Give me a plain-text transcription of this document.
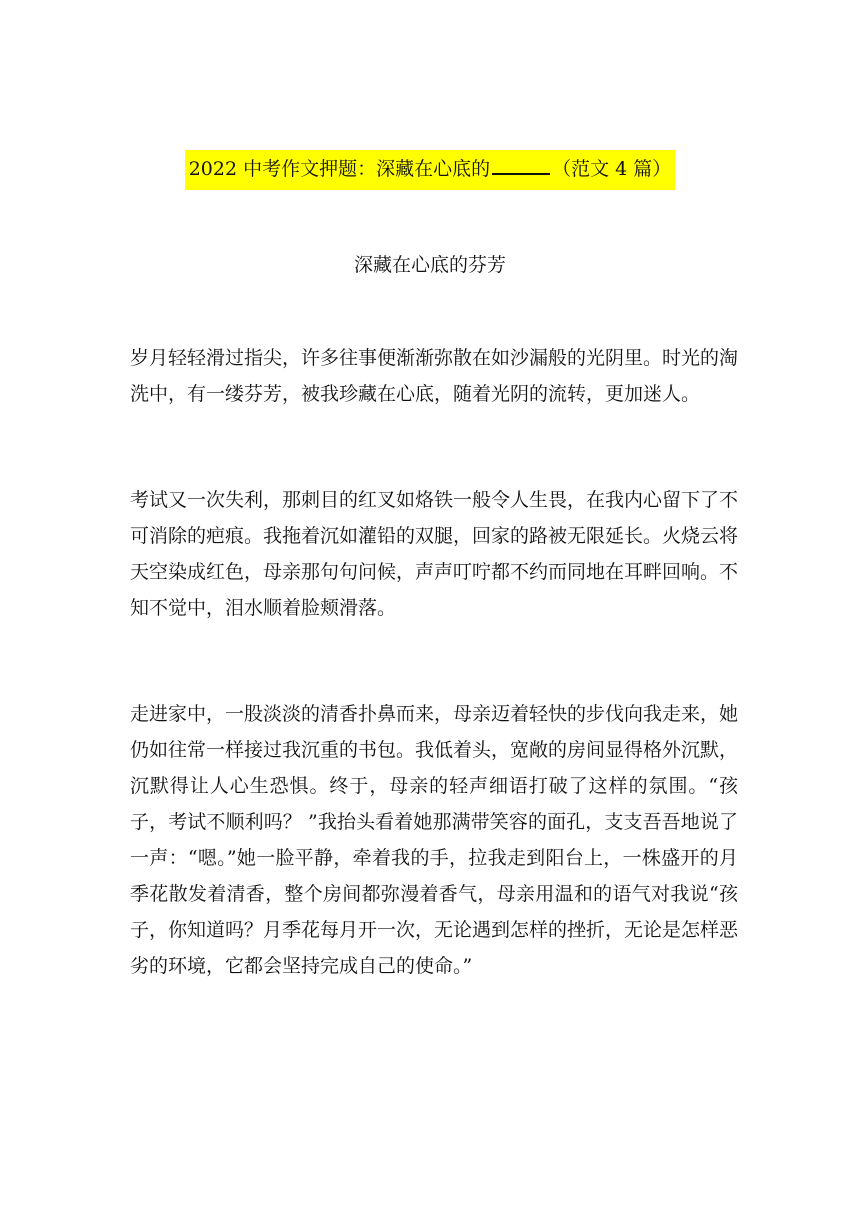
2022 中考作文押题：深藏在心底的	（范文 4 篇）
深藏在心底的芬芳

岁月轻轻滑过指尖，许多往事便渐渐弥散在如沙漏般的光阴里。时光的淘洗中，有一缕芬芳，被我珍藏在心底，随着光阴的流转，更加迷人。

考试又一次失利，那刺目的红叉如烙铁一般令人生畏，在我内心留下了不可消除的疤痕。我拖着沉如灌铅的双腿，回家的路被无限延长。火烧云将天空染成红色，母亲那句句问候，声声叮咛都不约而同地在耳畔回响。不知不觉中，泪水顺着脸颊滑落。

走进家中，一股淡淡的清香扑鼻而来，母亲迈着轻快的步伐向我走来，她仍如往常一样接过我沉重的书包。我低着头，宽敞的房间显得格外沉默，沉默得让人心生恐惧。终于，母亲的轻声细语打破了这样的氛围。“孩子，考试不顺利吗？ ”我抬头看着她那满带笑容的面孔，支支吾吾地说了一声：“嗯。”她一脸平静，牵着我的手，拉我走到阳台上，一株盛开的月季花散发着清香，整个房间都弥漫着香气，母亲用温和的语气对我说“孩子，你知道吗？月季花每月开一次，无论遇到怎样的挫折，无论是怎样恶劣的环境，它都会坚持完成自己的使命。”
